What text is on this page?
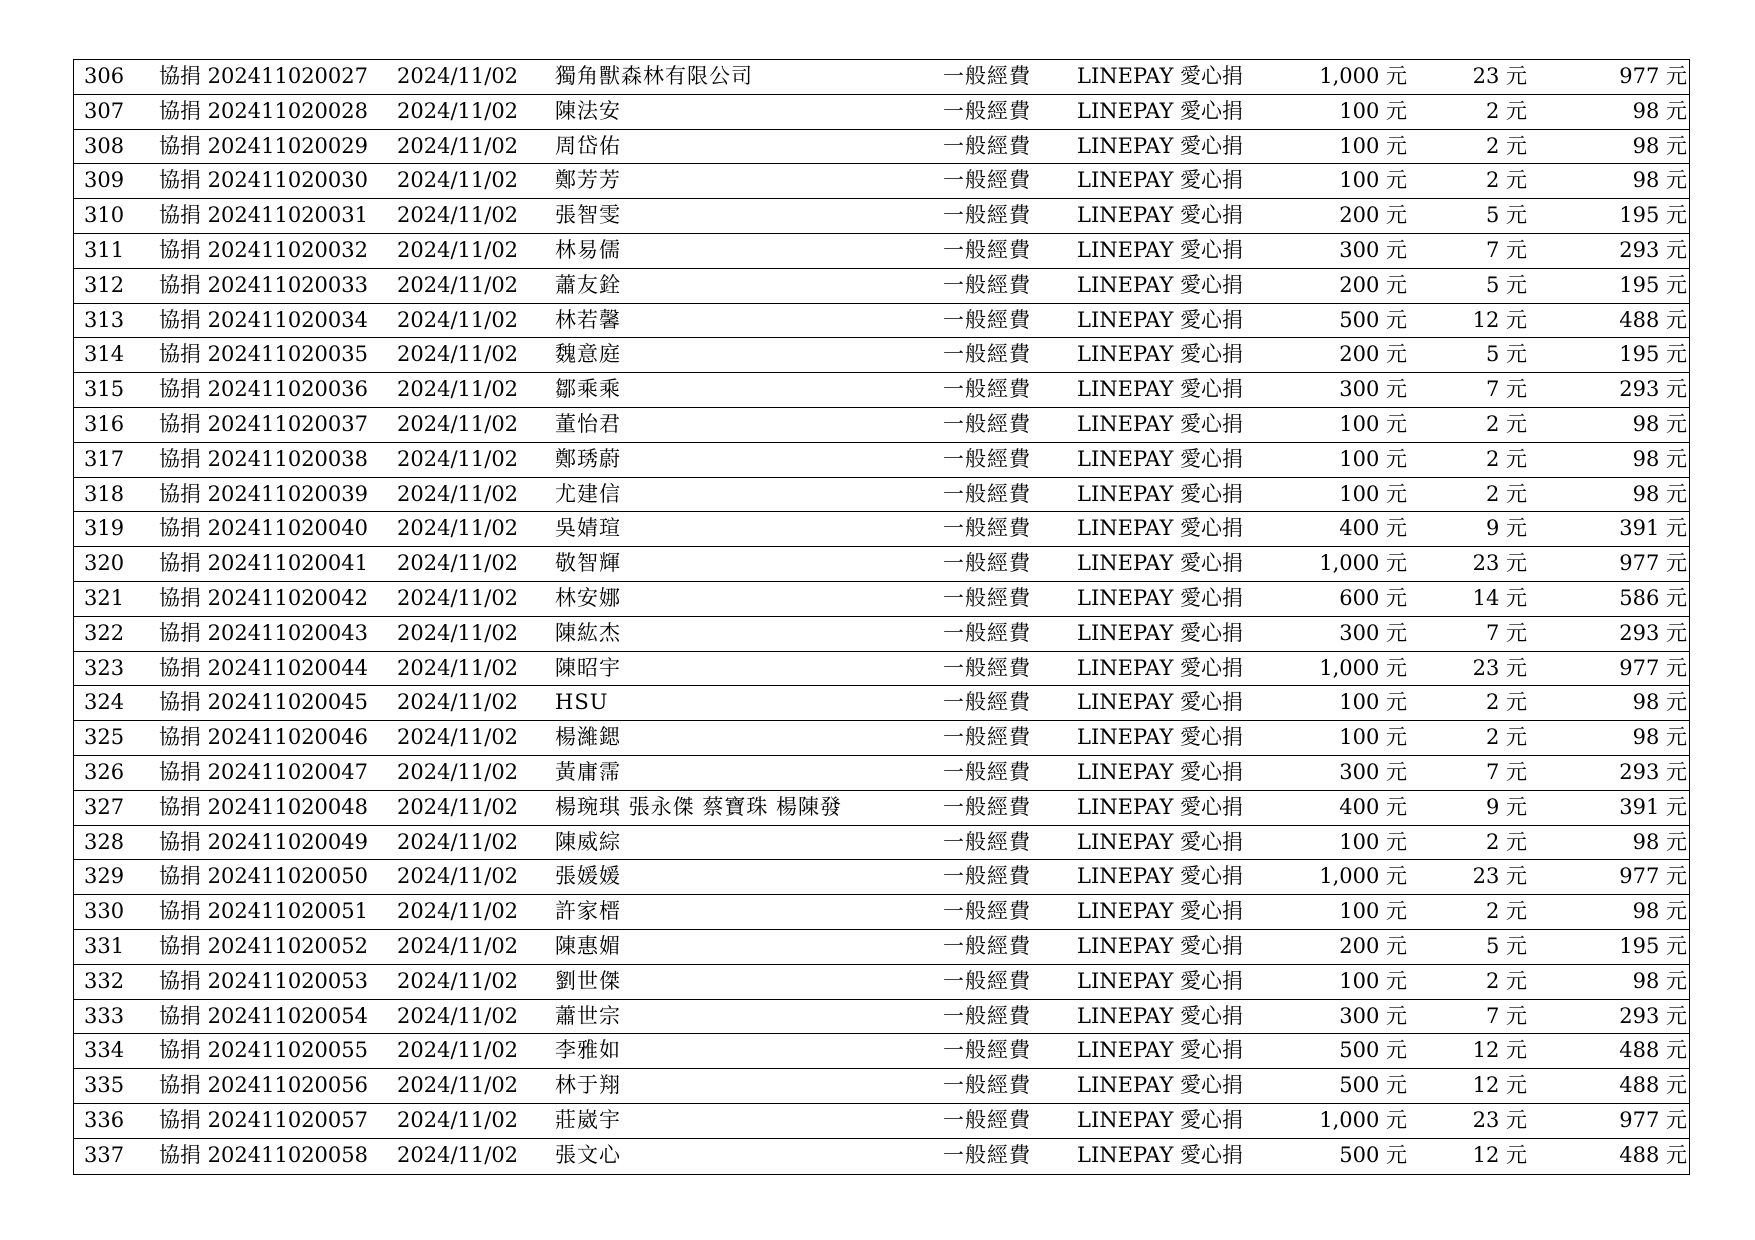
306 協捐 202411020027 2024/11/02 獨角獸森林有限公司	一般經費 LINEPAY 愛心捐	1,000 元	23 元	977 元
307 協捐 202411020028 2024/11/02 陳法安	一般經費 LINEPAY 愛心捐	100 元	2 元	98 元
308 協捐 202411020029 2024/11/02 周岱佑	一般經費 LINEPAY 愛心捐	100 元	2 元	98 元
309 協捐 202411020030 2024/11/02 鄭芳芳	一般經費 LINEPAY 愛心捐	100 元	2 元	98 元
310 協捐 202411020031 2024/11/02 張智雯	一般經費 LINEPAY 愛心捐	200 元	5 元	195 元
311 協捐 202411020032 2024/11/02 林易儒	一般經費 LINEPAY 愛心捐	300 元	7 元	293 元
312 協捐 202411020033 2024/11/02 蕭友銓	一般經費 LINEPAY 愛心捐	200 元	5 元	195 元
313 協捐 202411020034 2024/11/02 林若馨	一般經費 LINEPAY 愛心捐	500 元	12 元	488 元
314 協捐 202411020035 2024/11/02 魏意庭	一般經費 LINEPAY 愛心捐	200 元	5 元	195 元
315 協捐 202411020036 2024/11/02 鄒乘乘	一般經費 LINEPAY 愛心捐	300 元	7 元	293 元
316 協捐 202411020037 2024/11/02 董怡君	一般經費 LINEPAY 愛心捐	100 元	2 元	98 元
317 協捐 202411020038 2024/11/02 鄭琇蔚	一般經費 LINEPAY 愛心捐	100 元	2 元	98 元
318 協捐 202411020039 2024/11/02 尤建信	一般經費 LINEPAY 愛心捐	100 元	2 元	98 元
319 協捐 202411020040 2024/11/02 吳婧瑄	一般經費 LINEPAY 愛心捐	400 元	9 元	391 元
320 協捐 202411020041 2024/11/02 敬智輝	一般經費 LINEPAY 愛心捐	1,000 元	23 元	977 元
321 協捐 202411020042 2024/11/02 林安娜	一般經費 LINEPAY 愛心捐	600 元	14 元	586 元
322 協捐 202411020043 2024/11/02 陳紘杰	一般經費 LINEPAY 愛心捐	300 元	7 元	293 元
323 協捐 202411020044 2024/11/02 陳昭宇	一般經費 LINEPAY 愛心捐	1,000 元	23 元	977 元
324 協捐 202411020045 2024/11/02 HSU	一般經費 LINEPAY 愛心捐	100 元	2 元	98 元
325 協捐 202411020046 2024/11/02 楊濰鍶	一般經費 LINEPAY 愛心捐	100 元	2 元	98 元
326 協捐 202411020047 2024/11/02 黃庸霈	一般經費 LINEPAY 愛心捐	300 元	7 元	293 元
327 協捐 202411020048 2024/11/02 楊琬琪 張永傑 蔡寶珠 楊陳發	一般經費 LINEPAY 愛心捐	400 元	9 元	391 元
328 協捐 202411020049 2024/11/02 陳威綜	一般經費 LINEPAY 愛心捐	100 元	2 元	98 元
329 協捐 202411020050 2024/11/02 張媛媛	一般經費 LINEPAY 愛心捐	1,000 元	23 元	977 元
330 協捐 202411020051 2024/11/02 許家榗	一般經費 LINEPAY 愛心捐	100 元	2 元	98 元
331 協捐 202411020052 2024/11/02 陳惠媚	一般經費 LINEPAY 愛心捐	200 元	5 元	195 元
332 協捐 202411020053 2024/11/02 劉世傑	一般經費 LINEPAY 愛心捐	100 元	2 元	98 元
333 協捐 202411020054 2024/11/02 蕭世宗	一般經費 LINEPAY 愛心捐	300 元	7 元	293 元
334 協捐 202411020055 2024/11/02 李雅如	一般經費 LINEPAY 愛心捐	500 元	12 元	488 元
335 協捐 202411020056 2024/11/02 林于翔	一般經費 LINEPAY 愛心捐	500 元	12 元	488 元
336 協捐 202411020057 2024/11/02 莊崴宇	一般經費 LINEPAY 愛心捐	1,000 元	23 元	977 元
337 協捐 202411020058 2024/11/02 張文心	一般經費 LINEPAY 愛心捐	500 元	12 元	488 元
